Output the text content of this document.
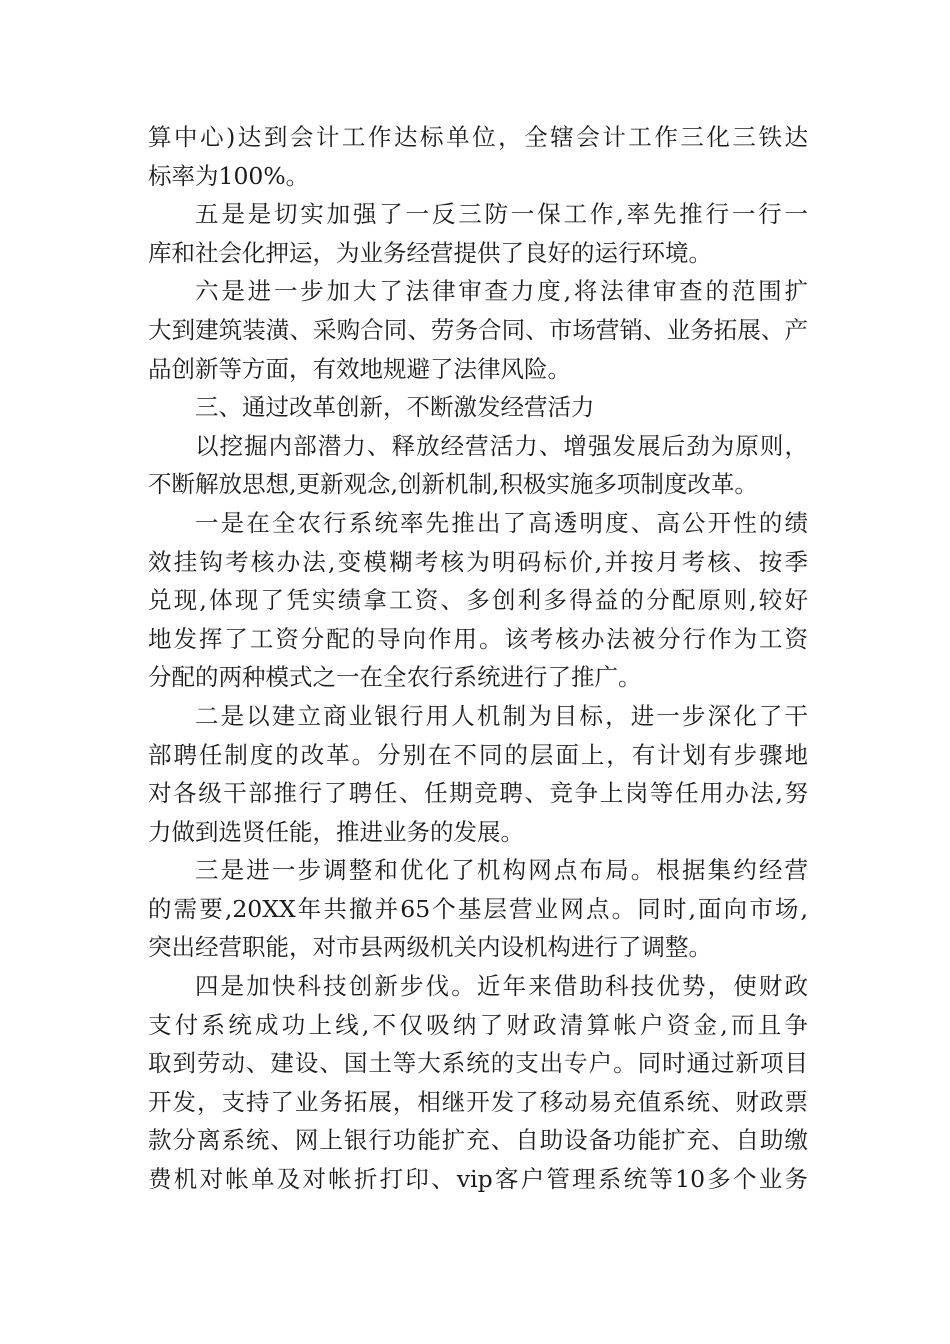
算中心)达到会计工作达标单位，全辖会计工作三化三铁达
标率为100%。
五是是切实加强了一反三防一保工作,率先推行一行一
库和社会化押运，为业务经营提供了良好的运行环境。
六是进一步加大了法律审查力度,将法律审查的范围扩
大到建筑装潢、采购合同、劳务合同、市场营销、业务拓展、产
品创新等方面，有效地规避了法律风险。
三、通过改革创新，不断激发经营活力
以挖掘内部潜力、释放经营活力、增强发展后劲为原则，
不断解放思想,更新观念,创新机制,积极实施多项制度改革。
一是在全农行系统率先推出了高透明度、高公开性的绩
效挂钩考核办法,变模糊考核为明码标价,并按月考核、按季
兑现,体现了凭实绩拿工资、多创利多得益的分配原则,较好
地发挥了工资分配的导向作用。该考核办法被分行作为工资
分配的两种模式之一在全农行系统进行了推广。
二是以建立商业银行用人机制为目标，进一步深化了干
部聘任制度的改革。分别在不同的层面上，有计划有步骤地
对各级干部推行了聘任、任期竞聘、竞争上岗等任用办法,努
力做到选贤任能，推进业务的发展。
三是进一步调整和优化了机构网点布局。根据集约经营
的需要,20XX年共撤并65个基层营业网点。同时,面向市场,
突出经营职能，对市县两级机关内设机构进行了调整。
四是加快科技创新步伐。近年来借助科技优势，使财政
支付系统成功上线,不仅吸纳了财政清算帐户资金,而且争
取到劳动、建设、国土等大系统的支出专户。同时通过新项目
开发，支持了业务拓展，相继开发了移动易充值系统、财政票
款分离系统、网上银行功能扩充、自助设备功能扩充、自助缴
费机对帐单及对帐折打印、vip客户管理系统等10多个业务
